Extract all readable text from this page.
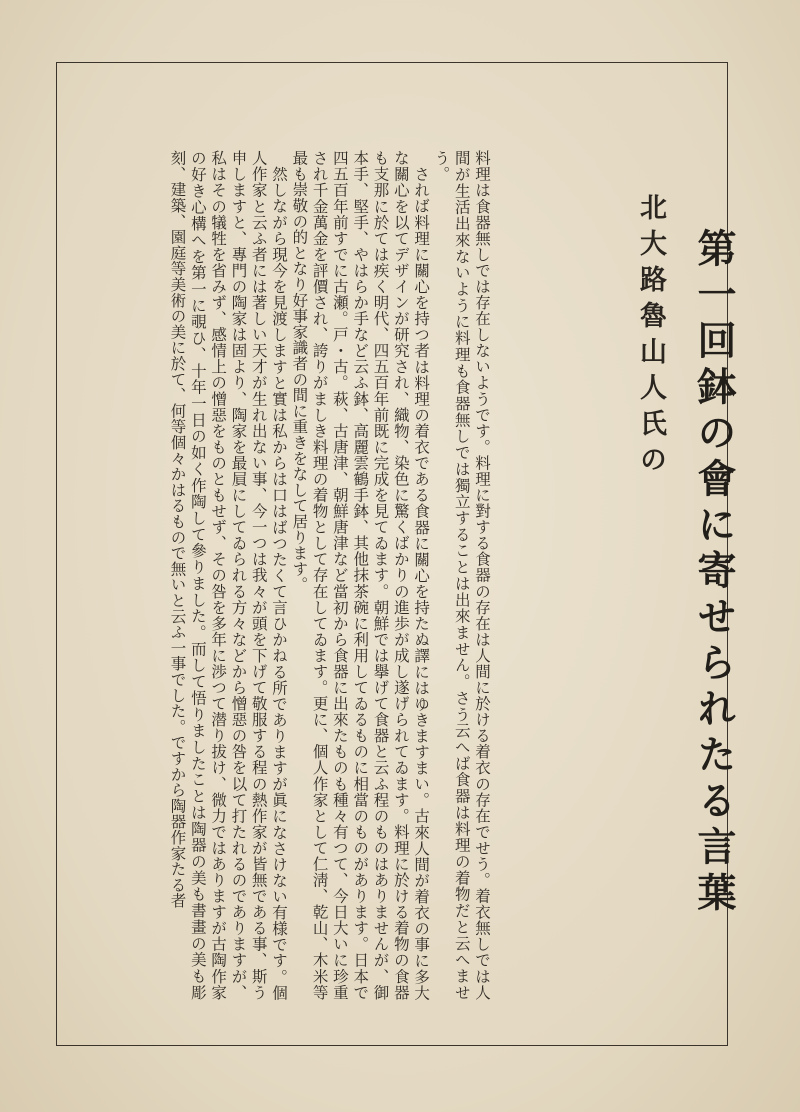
料理は食器無しでは存在しないようです。料理に對する食器の存在は人間に於ける着衣の存在でせう。着衣無しでは人間が生活出來ないように料理も食器無しでは獨立することは出來ません。さう云へば食器は料理の着物だと云へませう。

されば料理に關心を持つ者は料理の着衣である食器に關心を持たぬ譯にはゆきますまい。古來人間が着衣の事に多大な關心を以てデザインが研究され、織物、染色に驚くばかりの進歩が成し遂げられてゐます。料理に於ける着物の食器も支那に於ては疾く明代、四五百年前既に完成を見てゐます。朝鮮では擧げて食器と云ふ程のものはありませんが、御本手、堅手、やはらか手など云ふ鉢、高麗雲鶴手鉢、其他抹茶碗に利用してゐるものに相當のものがあります。日本で四五百年前すでに古瀬。戸・古。萩、古唐津、朝鮮唐津など當初から食器に出來たものも種々有つて、今日大いに珍重され千金萬金を評價され、誇りがましき料理の着物として存在してゐます。更に、個人作家として仁淸、乾山、木米等最も崇敬の的となり好事家識者の間に重きをなして居ります。

然しながら現今を見渡しますと實は私からは口はばつたくて言ひかねる所でありますが眞になさけない有様です。個人作家と云ふ者には著しい天才が生れ出ない事、今一つは我々が頭を下げて敬服する程の熱作家が皆無である事、斯う申しますと、專門の陶家は固より、陶家を最屓にしてゐられる方々などから憎惡の咎を以て打たれるのでありますが、私はその犠牲を省みず、感情上の憎惡をものともせず、その咎を多年に渉つて潜り拔け、微力ではありますが古陶作家の好き心構へを第一に覗ひ、十年一日の如く作陶して參りました。而して悟りましたことは陶器の美も書畫の美も彫刻、建築、園庭等美術の美に於て、何等個々かはるもので無いと云ふ一事でした。ですから陶器作家たる者	北大路魯山人氏の 第一回鉢の會に寄せられたる言葉
